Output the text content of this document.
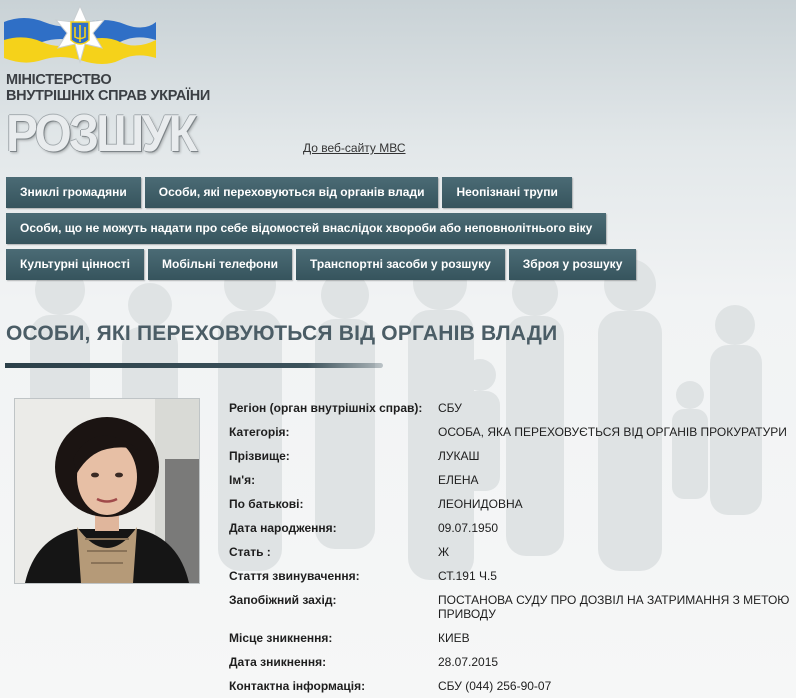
МІНІСТЕРСТВО
ВНУТРІШНІХ СПРАВ УКРАЇНИ
РОЗШУК	До веб-сайту МВС
Зниклі громадяни	Особи, які переховуються від органів влади	Неопізнані трупи
Особи, що не можуть надати про себе відомостей внаслідок хвороби або неповнолітнього віку
Культурні цінності	Мобільні телефони	Транспортні засоби у розшуку	Зброя у розшуку
ОСОБИ, ЯКІ ПЕРЕХОВУЮТЬСЯ ВІД ОРГАНІВ ВЛАДИ
Регіон (орган внутрішніх справ):	СБУ
Категорія:	ОСОБА, ЯКА ПЕРЕХОВУЄТЬСЯ ВІД ОРГАНІВ ПРОКУРАТУРИ
Прізвище:	ЛУКАШ
Ім'я:	ЕЛЕНА
По батькові:	ЛЕОНИДОВНА
Дата народження:	09.07.1950
Стать :	Ж
Стаття звинувачення:	СТ.191 Ч.5
Запобіжний захід:	ПОСТАНОВА СУДУ ПРО ДОЗВІЛ НА ЗАТРИМАННЯ З МЕТОЮ ПРИВОДУ
Місце зникнення:	КИЕВ
Дата зникнення:	28.07.2015
Контактна інформація:	СБУ (044) 256-90-07
